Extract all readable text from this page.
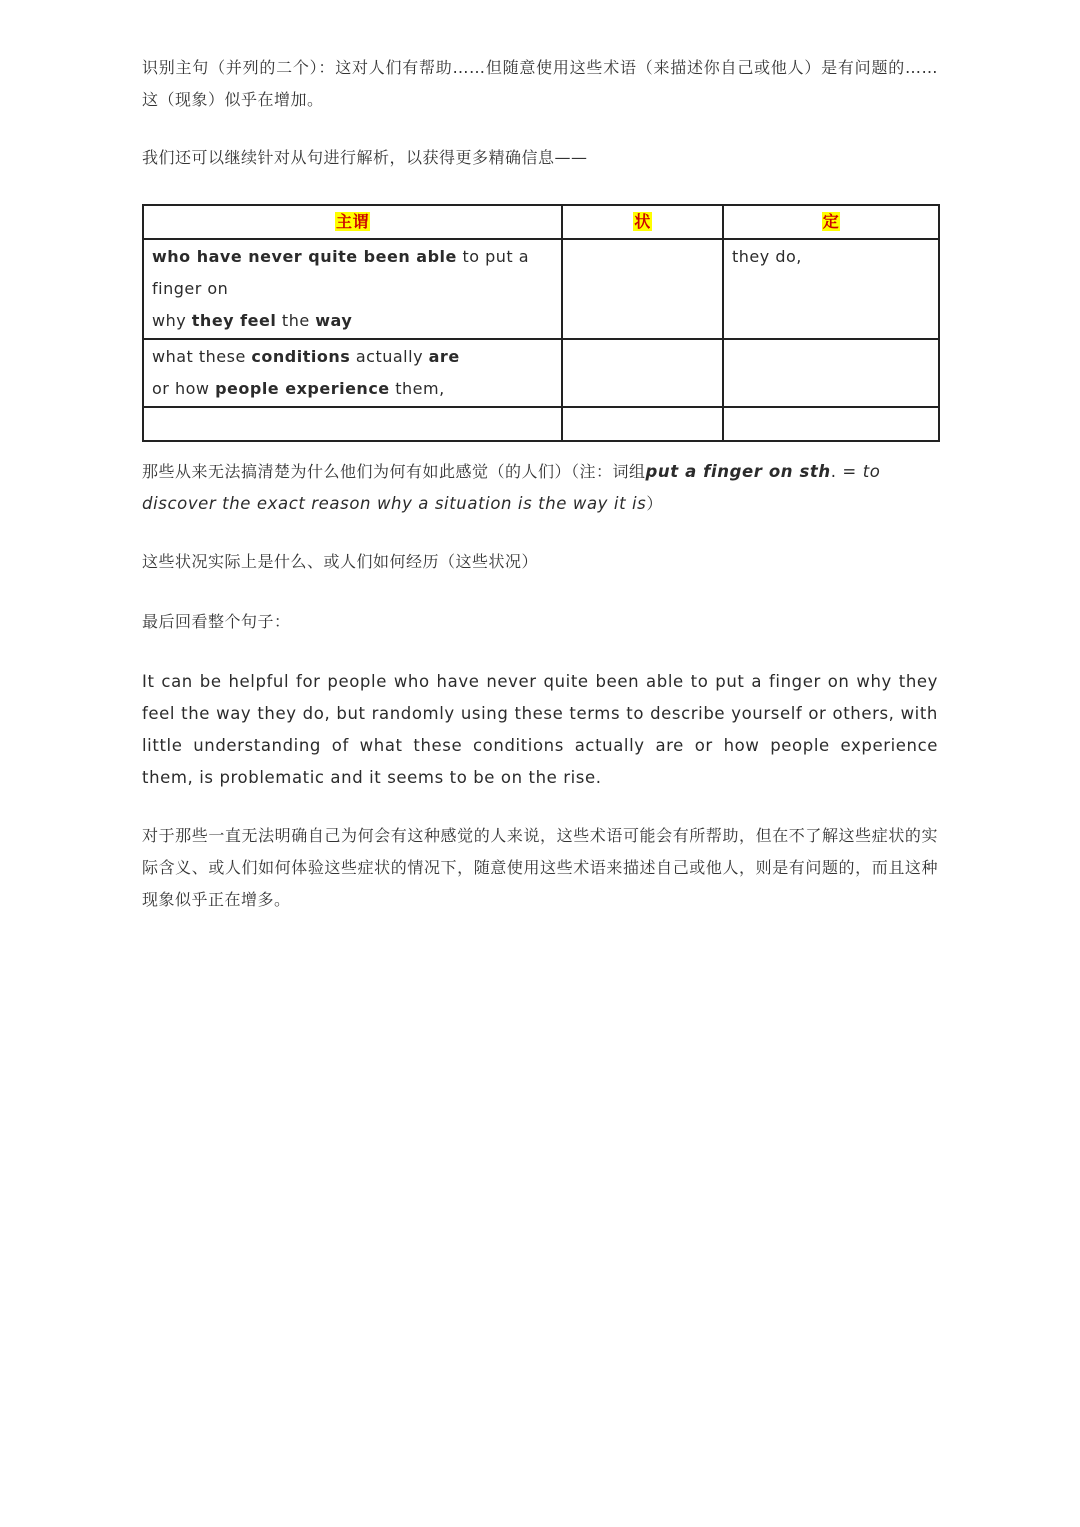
识别主句（并列的二个）：这对人们有帮助……但随意使用这些术语（来描述你自己或他人）是有问题的……这（现象）似乎在增加。

我们还可以继续针对从句进行解析，以获得更多精确信息——

主谓	状	定

who have never quite been able to put a
finger on
why they feel the way		they do,

what these conditions actually are
or how people experience them,		

那些从来无法搞清楚为什么他们为何有如此感觉（的人们）（注：词组put a finger on sth. = to discover the exact reason why a situation is the way it is）

这些状况实际上是什么、或人们如何经历（这些状况）

最后回看整个句子：

It can be helpful for people who have never quite been able to put a finger on why they feel the way they do, but randomly using these terms to describe yourself or others, with little understanding of what these conditions actually are or how people experience them, is problematic and it seems to be on the rise.

对于那些一直无法明确自己为何会有这种感觉的人来说，这些术语可能会有所帮助，但在不了解这些症状的实际含义、或人们如何体验这些症状的情况下，随意使用这些术语来描述自己或他人，则是有问题的，而且这种现象似乎正在增多。
